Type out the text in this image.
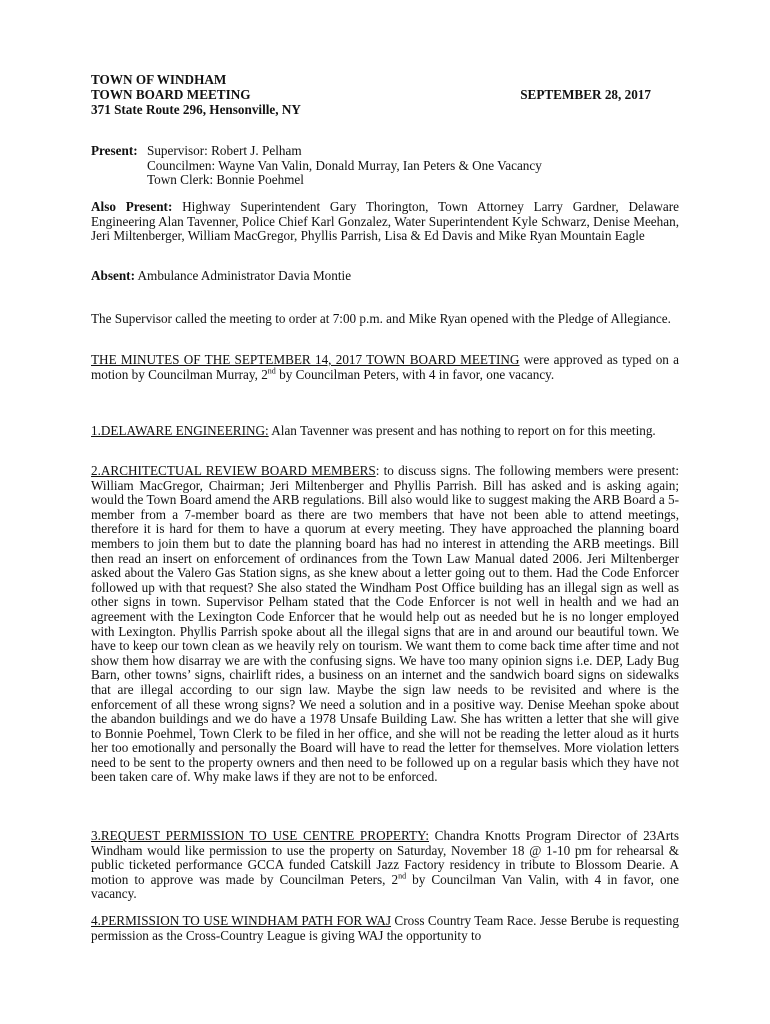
TOWN OF WINDHAM
TOWN BOARD MEETING
371 State Route 296, Hensonville, NY
SEPTEMBER 28, 2017
Present: Supervisor: Robert J. Pelham
Councilmen: Wayne Van Valin, Donald Murray, Ian Peters & One Vacancy
Town Clerk: Bonnie Poehmel
Also Present: Highway Superintendent Gary Thorington, Town Attorney Larry Gardner, Delaware Engineering Alan Tavenner, Police Chief Karl Gonzalez, Water Superintendent Kyle Schwarz, Denise Meehan, Jeri Miltenberger, William MacGregor, Phyllis Parrish, Lisa & Ed Davis and Mike Ryan Mountain Eagle
Absent: Ambulance Administrator Davia Montie
The Supervisor called the meeting to order at 7:00 p.m. and Mike Ryan opened with the Pledge of Allegiance.
THE MINUTES OF THE SEPTEMBER 14, 2017 TOWN BOARD MEETING were approved as typed on a motion by Councilman Murray, 2nd by Councilman Peters, with 4 in favor, one vacancy.
1.DELAWARE ENGINEERING: Alan Tavenner was present and has nothing to report on for this meeting.
2.ARCHITECTUAL REVIEW BOARD MEMBERS: to discuss signs. The following members were present: William MacGregor, Chairman; Jeri Miltenberger and Phyllis Parrish. Bill has asked and is asking again; would the Town Board amend the ARB regulations. Bill also would like to suggest making the ARB Board a 5-member from a 7-member board as there are two members that have not been able to attend meetings, therefore it is hard for them to have a quorum at every meeting. They have approached the planning board members to join them but to date the planning board has had no interest in attending the ARB meetings. Bill then read an insert on enforcement of ordinances from the Town Law Manual dated 2006. Jeri Miltenberger asked about the Valero Gas Station signs, as she knew about a letter going out to them. Had the Code Enforcer followed up with that request? She also stated the Windham Post Office building has an illegal sign as well as other signs in town. Supervisor Pelham stated that the Code Enforcer is not well in health and we had an agreement with the Lexington Code Enforcer that he would help out as needed but he is no longer employed with Lexington. Phyllis Parrish spoke about all the illegal signs that are in and around our beautiful town. We have to keep our town clean as we heavily rely on tourism. We want them to come back time after time and not show them how disarray we are with the confusing signs. We have too many opinion signs i.e. DEP, Lady Bug Barn, other towns’ signs, chairlift rides, a business on an internet and the sandwich board signs on sidewalks that are illegal according to our sign law. Maybe the sign law needs to be revisited and where is the enforcement of all these wrong signs? We need a solution and in a positive way. Denise Meehan spoke about the abandon buildings and we do have a 1978 Unsafe Building Law. She has written a letter that she will give to Bonnie Poehmel, Town Clerk to be filed in her office, and she will not be reading the letter aloud as it hurts her too emotionally and personally the Board will have to read the letter for themselves. More violation letters need to be sent to the property owners and then need to be followed up on a regular basis which they have not been taken care of. Why make laws if they are not to be enforced.
3.REQUEST PERMISSION TO USE CENTRE PROPERTY: Chandra Knotts Program Director of 23Arts Windham would like permission to use the property on Saturday, November 18 @ 1-10 pm for rehearsal & public ticketed performance GCCA funded Catskill Jazz Factory residency in tribute to Blossom Dearie. A motion to approve was made by Councilman Peters, 2nd by Councilman Van Valin, with 4 in favor, one vacancy.
4.PERMISSION TO USE WINDHAM PATH FOR WAJ Cross Country Team Race. Jesse Berube is requesting permission as the Cross-Country League is giving WAJ the opportunity to
